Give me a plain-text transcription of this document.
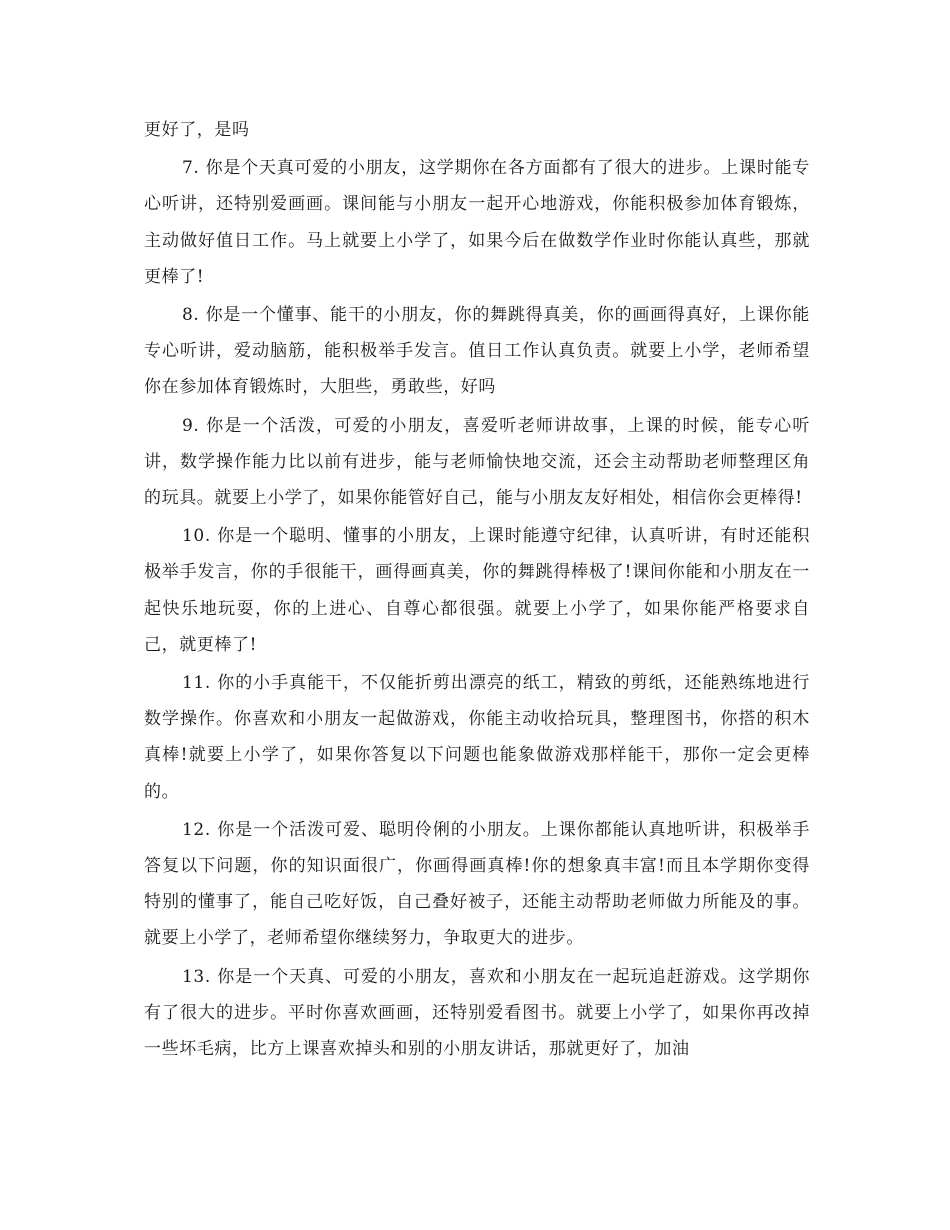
更好了，是吗

7. 你是个天真可爱的小朋友，这学期你在各方面都有了很大的进步。上课时能专心听讲，还特别爱画画。课间能与小朋友一起开心地游戏，你能积极参加体育锻炼，主动做好值日工作。马上就要上小学了，如果今后在做数学作业时你能认真些，那就更棒了!

8. 你是一个懂事、能干的小朋友，你的舞跳得真美，你的画画得真好，上课你能专心听讲，爱动脑筋，能积极举手发言。值日工作认真负责。就要上小学，老师希望你在参加体育锻炼时，大胆些，勇敢些，好吗

9. 你是一个活泼，可爱的小朋友，喜爱听老师讲故事，上课的时候，能专心听讲，数学操作能力比以前有进步，能与老师愉快地交流，还会主动帮助老师整理区角的玩具。就要上小学了，如果你能管好自己，能与小朋友友好相处，相信你会更棒得!

10. 你是一个聪明、懂事的小朋友，上课时能遵守纪律，认真听讲，有时还能积极举手发言，你的手很能干，画得画真美，你的舞跳得棒极了!课间你能和小朋友在一起快乐地玩耍，你的上进心、自尊心都很强。就要上小学了，如果你能严格要求自己，就更棒了!

11. 你的小手真能干，不仅能折剪出漂亮的纸工，精致的剪纸，还能熟练地进行数学操作。你喜欢和小朋友一起做游戏，你能主动收拾玩具，整理图书，你搭的积木真棒!就要上小学了，如果你答复以下问题也能象做游戏那样能干，那你一定会更棒的。

12. 你是一个活泼可爱、聪明伶俐的小朋友。上课你都能认真地听讲，积极举手答复以下问题，你的知识面很广，你画得画真棒!你的想象真丰富!而且本学期你变得特别的懂事了，能自己吃好饭，自己叠好被子，还能主动帮助老师做力所能及的事。就要上小学了，老师希望你继续努力，争取更大的进步。

13. 你是一个天真、可爱的小朋友，喜欢和小朋友在一起玩追赶游戏。这学期你有了很大的进步。平时你喜欢画画，还特别爱看图书。就要上小学了，如果你再改掉一些坏毛病，比方上课喜欢掉头和别的小朋友讲话，那就更好了，加油
